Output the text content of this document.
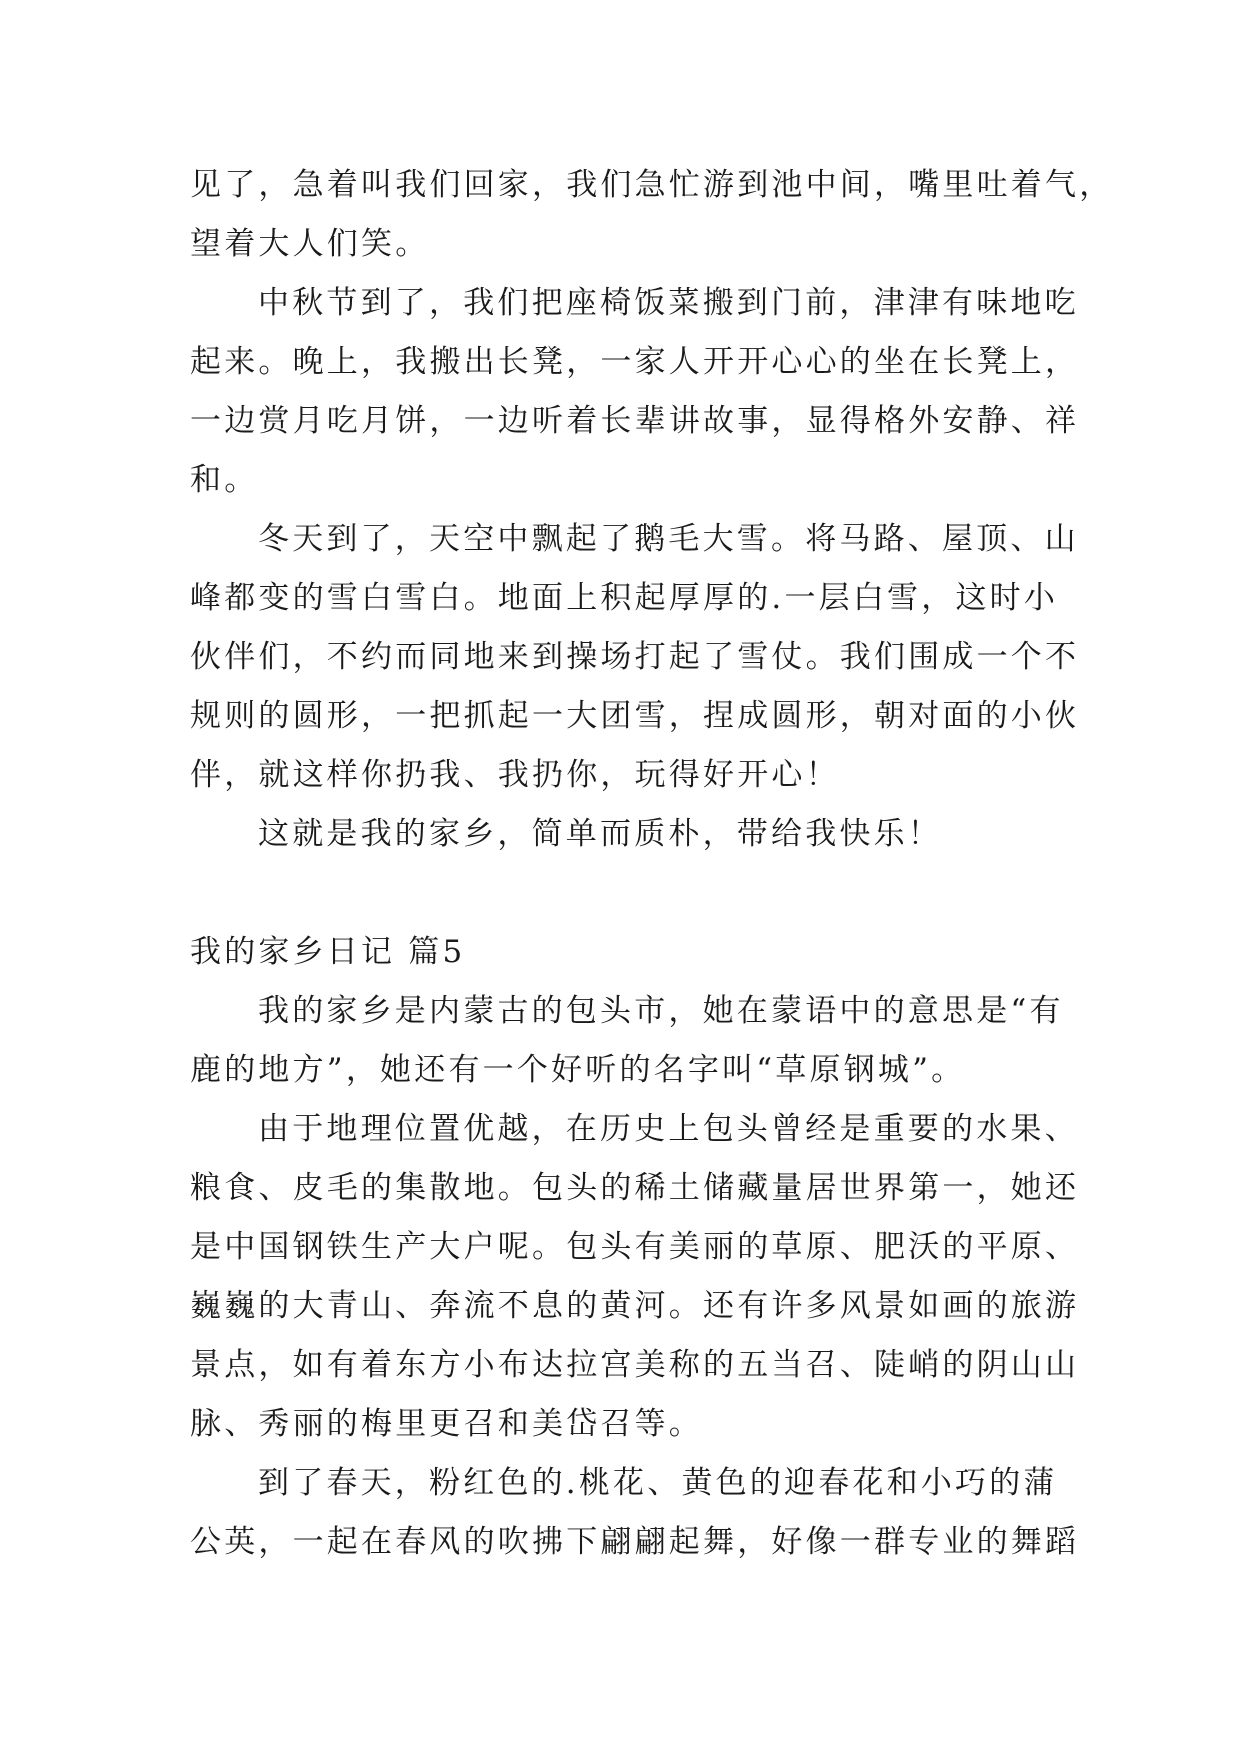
见了，急着叫我们回家，我们急忙游到池中间，嘴里吐着气，
望着大人们笑。
中秋节到了，我们把座椅饭菜搬到门前，津津有味地吃
起来。晚上，我搬出长凳，一家人开开心心的坐在长凳上，
一边赏月吃月饼，一边听着长辈讲故事，显得格外安静、祥
和。
冬天到了，天空中飘起了鹅毛大雪。将马路、屋顶、山
峰都变的雪白雪白。地面上积起厚厚的.一层白雪，这时小
伙伴们，不约而同地来到操场打起了雪仗。我们围成一个不
规则的圆形，一把抓起一大团雪，捏成圆形，朝对面的小伙
伴，就这样你扔我、我扔你，玩得好开心！
这就是我的家乡，简单而质朴，带给我快乐！
我的家乡日记 篇5
我的家乡是内蒙古的包头市，她在蒙语中的意思是“有
鹿的地方”，她还有一个好听的名字叫“草原钢城”。
由于地理位置优越，在历史上包头曾经是重要的水果、
粮食、皮毛的集散地。包头的稀土储藏量居世界第一，她还
是中国钢铁生产大户呢。包头有美丽的草原、肥沃的平原、
巍巍的大青山、奔流不息的黄河。还有许多风景如画的旅游
景点，如有着东方小布达拉宫美称的五当召、陡峭的阴山山
脉、秀丽的梅里更召和美岱召等。
到了春天，粉红色的.桃花、黄色的迎春花和小巧的蒲
公英，一起在春风的吹拂下翩翩起舞，好像一群专业的舞蹈
